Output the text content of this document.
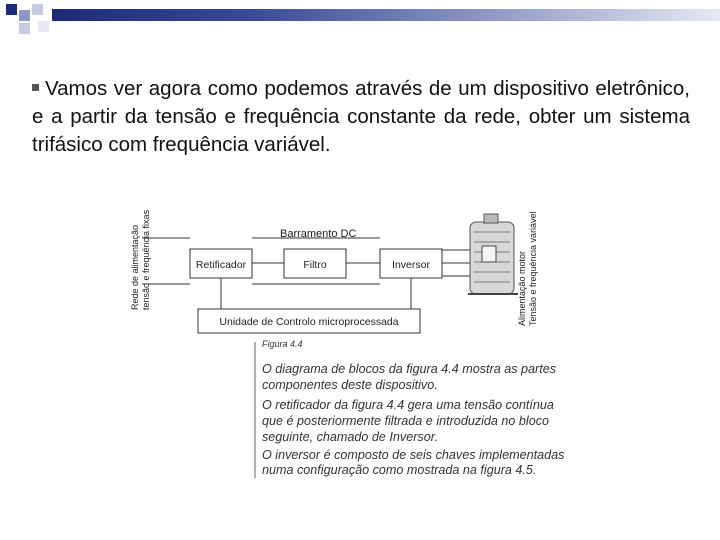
Vamos ver agora como podemos através de um dispositivo eletrônico, e a partir da tensão e frequência constante da rede, obter um sistema trifásico com frequência variável.
Rede de alimentação tensão e frequência fixas	Barramento DC
Retificador	Filtro	Inversor	Alimentação motor Tensão e frequência variável
Unidade de Controlo microprocessada
Figura 4.4
O diagrama de blocos da figura 4.4 mostra as partes
componentes deste dispositivo.
O retificador da figura 4.4 gera uma tensão contínua
que é posteriormente filtrada e introduzida no bloco
seguinte, chamado de Inversor.
O inversor é composto de seis chaves implementadas
numa configuração como mostrada na figura 4.5.
